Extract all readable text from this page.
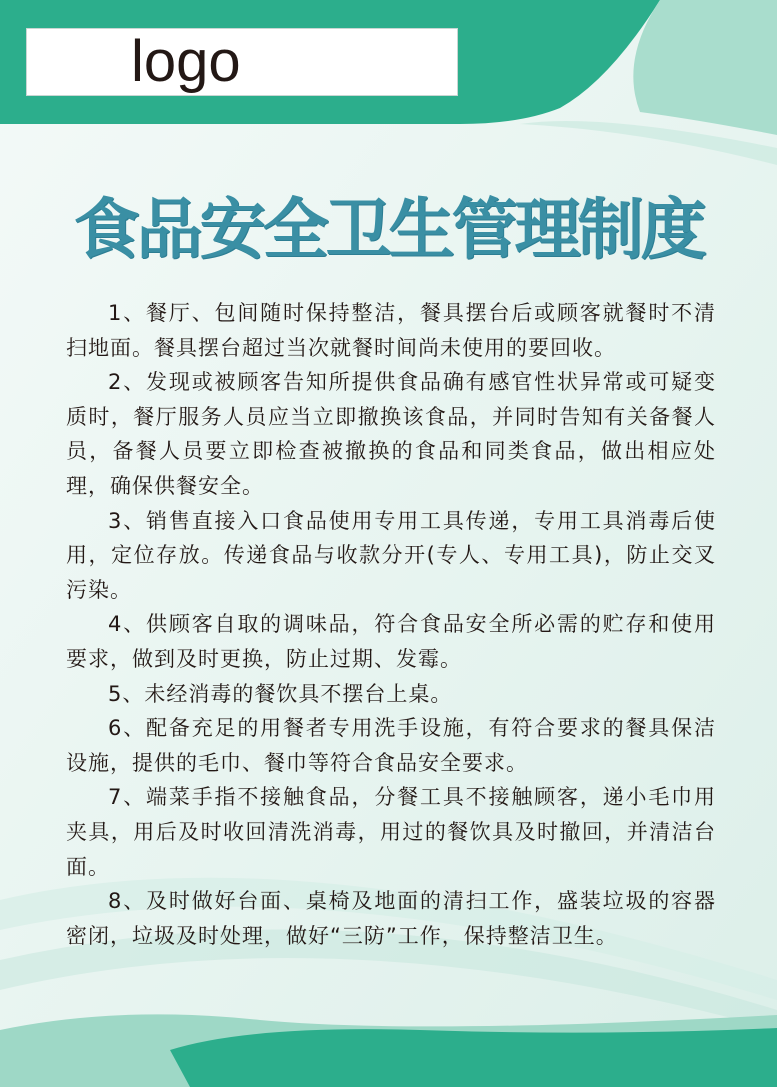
logo
食品安全卫生管理制度

1、餐厅、包间随时保持整洁，餐具摆台后或顾客就餐时不清扫地面。餐具摆台超过当次就餐时间尚未使用的要回收。

2、发现或被顾客告知所提供食品确有感官性状异常或可疑变质时，餐厅服务人员应当立即撤换该食品，并同时告知有关备餐人员，备餐人员要立即检查被撤换的食品和同类食品，做出相应处理，确保供餐安全。

3、销售直接入口食品使用专用工具传递，专用工具消毒后使用，定位存放。传递食品与收款分开(专人、专用工具)，防止交叉污染。

4、供顾客自取的调味品，符合食品安全所必需的贮存和使用要求，做到及时更换，防止过期、发霉。

5、未经消毒的餐饮具不摆台上桌。

6、配备充足的用餐者专用洗手设施，有符合要求的餐具保洁设施，提供的毛巾、餐巾等符合食品安全要求。

7、端菜手指不接触食品，分餐工具不接触顾客，递小毛巾用夹具，用后及时收回清洗消毒，用过的餐饮具及时撤回，并清洁台面。

8、及时做好台面、桌椅及地面的清扫工作，盛装垃圾的容器密闭，垃圾及时处理，做好“三防”工作，保持整洁卫生。
